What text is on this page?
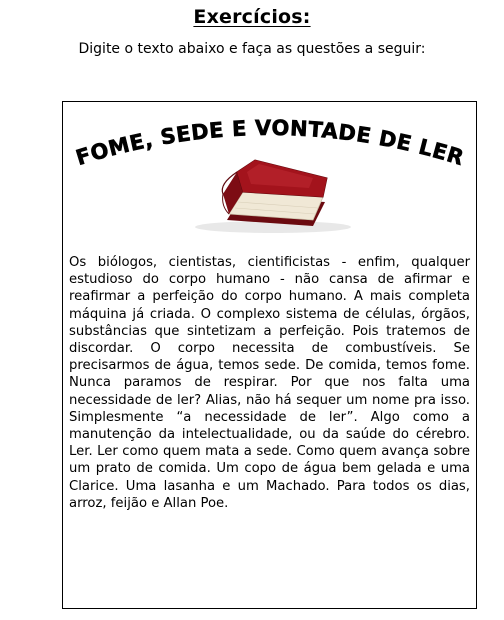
Exercícios:
Digite o texto abaixo e faça as questões a seguir:
FOME, SEDE E VONTADE DE LER

Os biólogos, cientistas, cientificistas - enfim, qualquer estudioso do corpo humano - não cansa de afirmar e reafirmar a perfeição do corpo humano. A mais completa máquina já criada. O complexo sistema de células, órgãos, substâncias que sintetizam a perfeição. Pois tratemos de discordar. O corpo necessita de combustíveis. Se precisarmos de água, temos sede. De comida, temos fome. Nunca paramos de respirar. Por que nos falta uma necessidade de ler? Alias, não há sequer um nome pra isso. Simplesmente “a necessidade de ler”. Algo como a manutenção da intelectualidade, ou da saúde do cérebro. Ler. Ler como quem mata a sede. Como quem avança sobre um prato de comida. Um copo de água bem gelada e uma Clarice. Uma lasanha e um Machado. Para todos os dias, arroz, feijão e Allan Poe.
